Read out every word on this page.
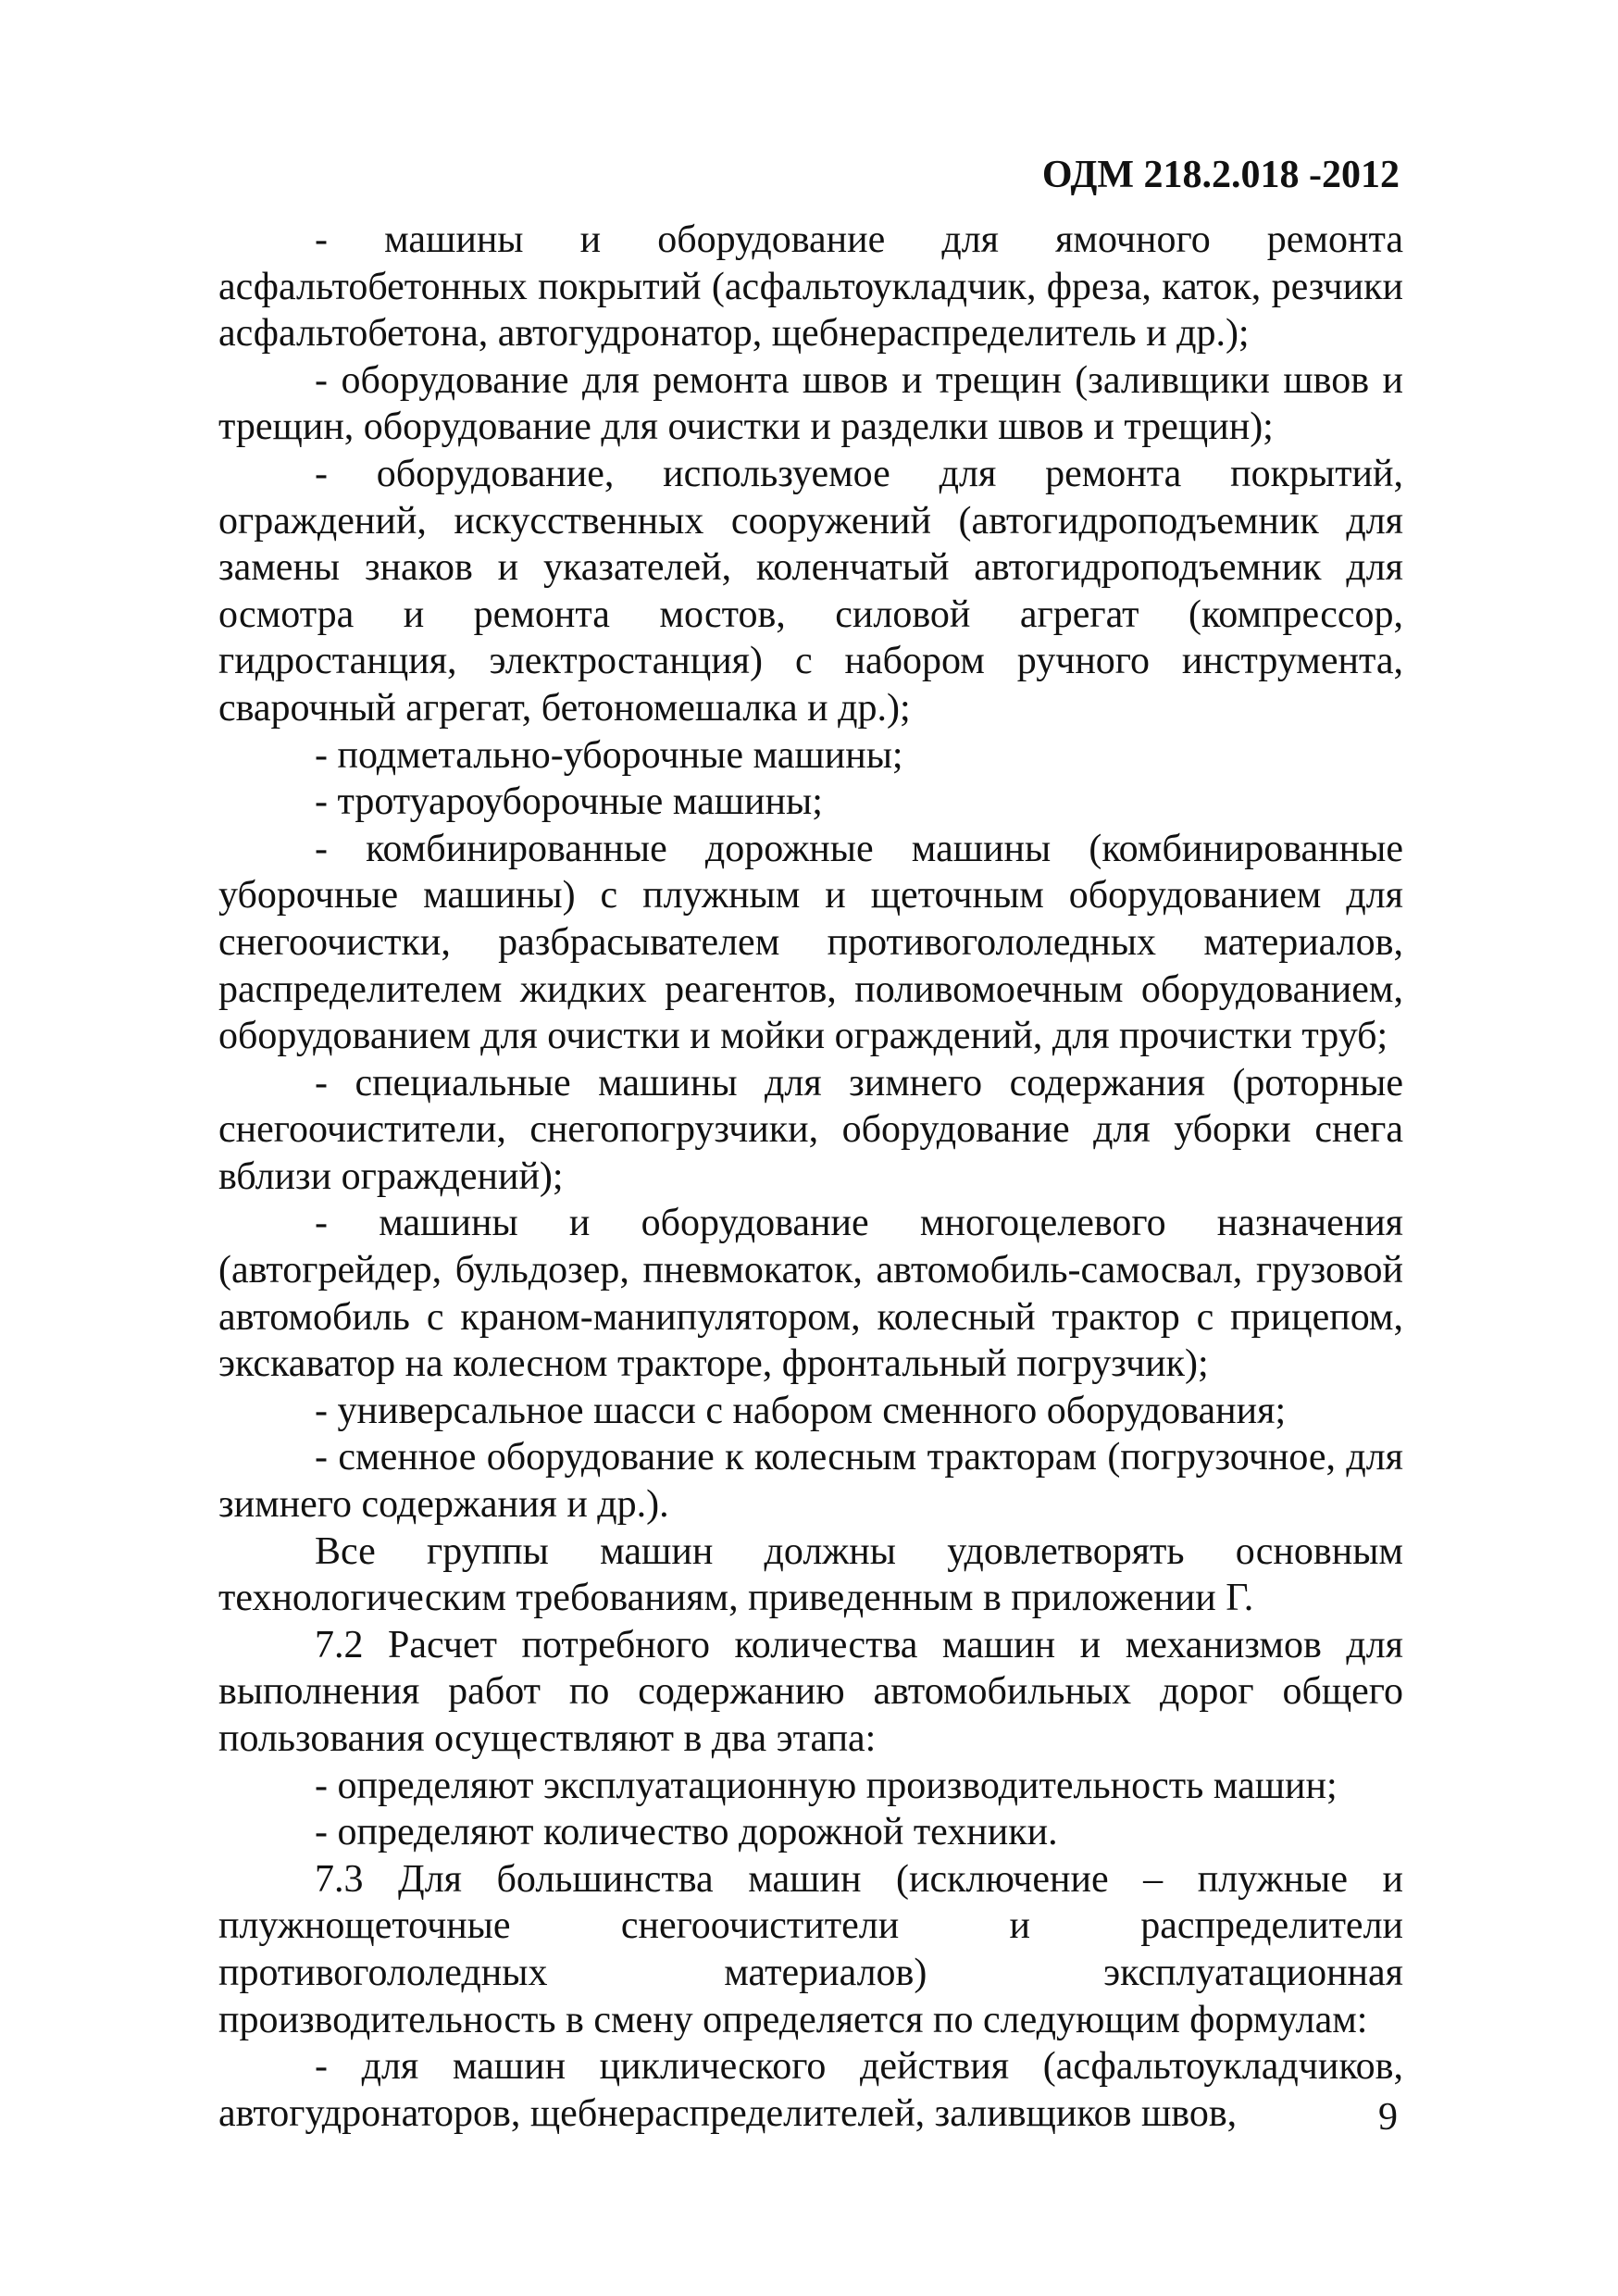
ОДМ 218.2.018 -2012

- машины и оборудование для ямочного ремонта асфальтобетонных покрытий (асфальтоукладчик, фреза, каток, резчики асфальтобетона, автогудронатор, щебнераспределитель и др.);

- оборудование для ремонта швов и трещин (заливщики швов и трещин, оборудование для очистки и разделки швов и трещин);

- оборудование, используемое для ремонта покрытий, ограждений, искусственных сооружений (автогидроподъемник для замены знаков и указателей, коленчатый автогидроподъемник для осмотра и ремонта мостов, силовой агрегат (компрессор, гидростанция, электростанция) с набором ручного инструмента, сварочный агрегат, бетономешалка и др.);

- подметально-уборочные машины;

- тротуароуборочные машины;

- комбинированные дорожные машины (комбинированные уборочные машины) с плужным и щеточным оборудованием для снегоочистки, разбрасывателем противогололедных материалов, распределителем жидких реагентов, поливомоечным оборудованием, оборудованием для очистки и мойки ограждений, для прочистки труб;

- специальные машины для зимнего содержания (роторные снегоочистители, снегопогрузчики, оборудование для уборки снега вблизи ограждений);

- машины и оборудование многоцелевого назначения (автогрейдер, бульдозер, пневмокаток, автомобиль-самосвал, грузовой автомобиль с краном-манипулятором, колесный трактор с прицепом, экскаватор на колесном тракторе, фронтальный погрузчик);

- универсальное шасси с набором сменного оборудования;

- сменное оборудование к колесным тракторам (погрузочное, для зимнего содержания и др.).

Все группы машин должны удовлетворять основным технологическим требованиям, приведенным в приложении Г.

7.2 Расчет потребного количества машин и механизмов для выполнения работ по содержанию автомобильных дорог общего пользования осуществляют в два этапа:

- определяют эксплуатационную производительность машин;

- определяют количество дорожной техники.

7.3 Для большинства машин (исключение – плужные и плужнощеточные снегоочистители и распределители противогололедных материалов) эксплуатационная производительность в смену определяется по следующим формулам:

- для машин циклического действия (асфальтоукладчиков, автогудронаторов, щебнераспределителей, заливщиков швов,	9
